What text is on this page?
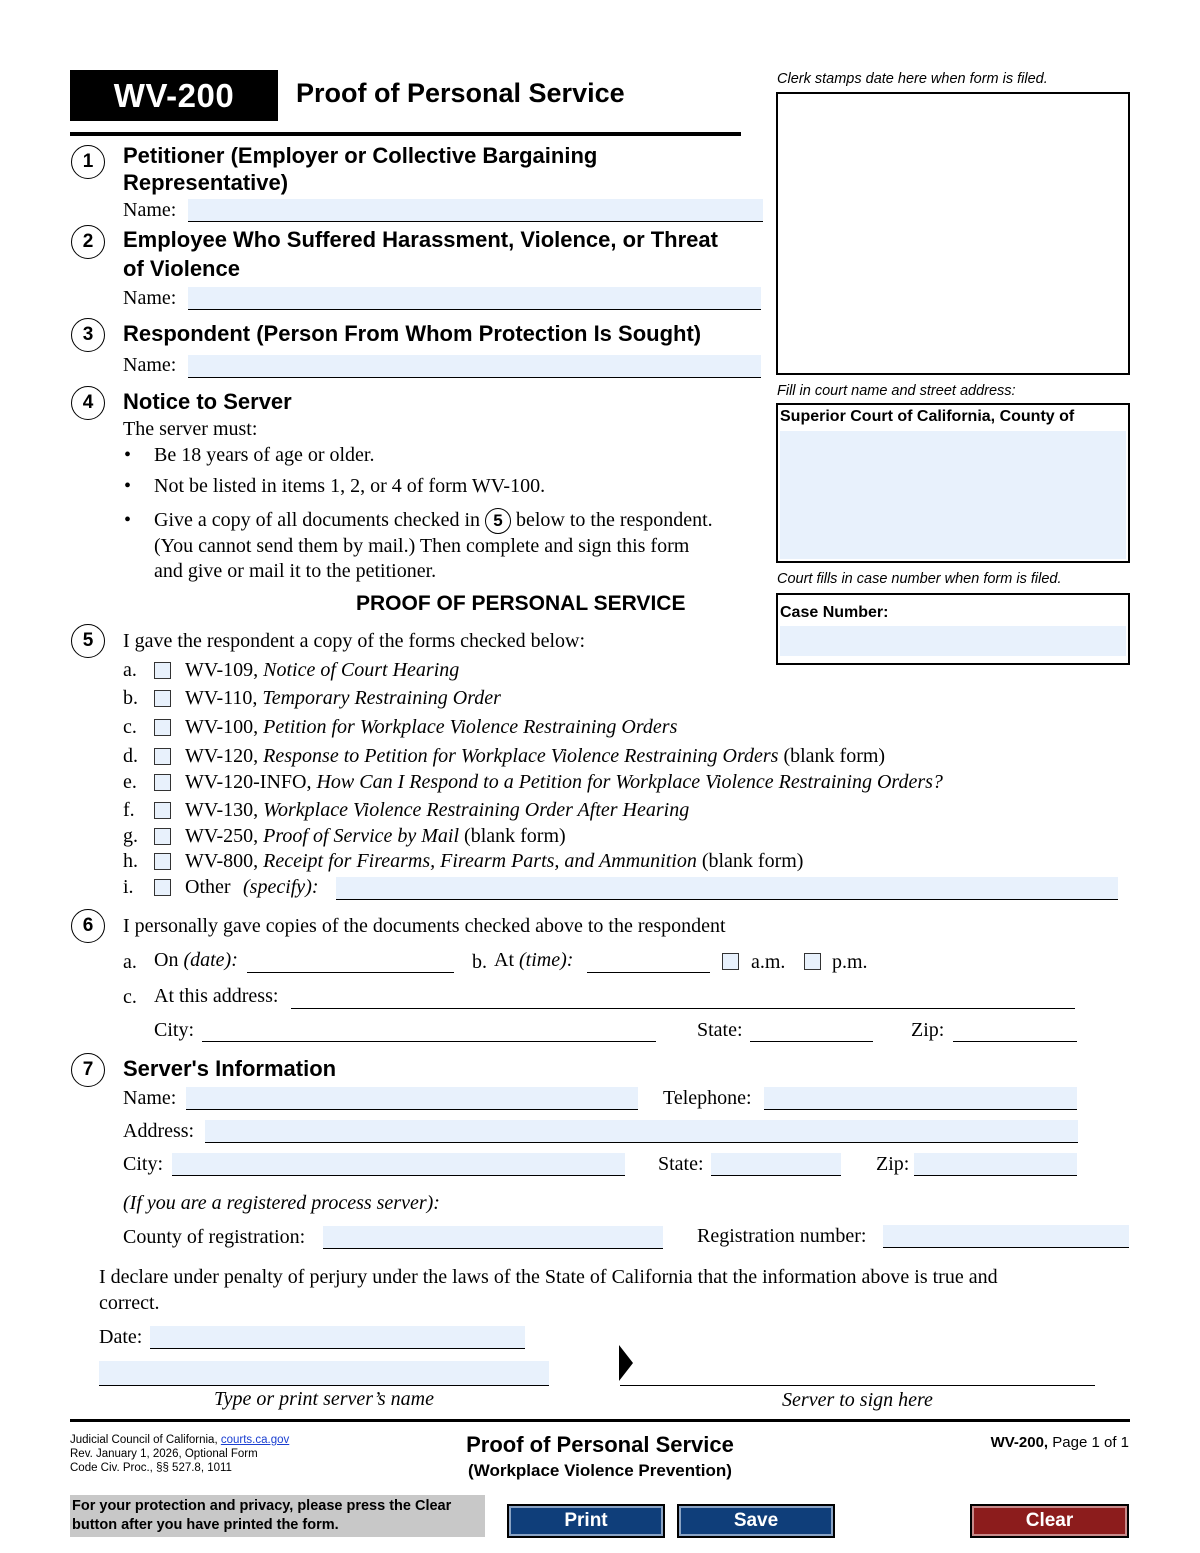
WV-200	Proof of Personal Service	Clerk stamps date here when form is filed.
Fill in court name and street address:
Superior Court of California, County of
Court fills in case number when form is filed.
Case Number:
1	Petitioner (Employer or Collective Bargaining
Representative)
Name:
2	Employee Who Suffered Harassment, Violence, or Threat
of Violence
Name:
3	Respondent (Person From Whom Protection Is Sought)
Name:
4	Notice to Server
The server must:
• Be 18 years of age or older.
• Not be listed in items 1, 2, or 4 of form WV-100.
• Give a copy of all documents checked in 5 below to the respondent.
(You cannot send them by mail.) Then complete and sign this form
and give or mail it to the petitioner.
PROOF OF PERSONAL SERVICE
5	I gave the respondent a copy of the forms checked below:
a. WV-109, Notice of Court Hearing
b. WV-110, Temporary Restraining Order
c. WV-100, Petition for Workplace Violence Restraining Orders
d. WV-120, Response to Petition for Workplace Violence Restraining Orders (blank form)
e. WV-120-INFO, How Can I Respond to a Petition for Workplace Violence Restraining Orders?
f.	WV-130, Workplace Violence Restraining Order After Hearing
g. WV-250, Proof of Service by Mail (blank form)
h. WV-800, Receipt for Firearms, Firearm Parts, and Ammunition (blank form)
i.	Other (specify):
6	I personally gave copies of the documents checked above to the respondent
a. On (date):	b. At (time):	a.m. p.m.
c. At this address:
City:	State:	Zip:
7	Server's Information
Name:	Telephone:
Address:
City:	State:	Zip:
(If you are a registered process server):
County of registration:	Registration number:
I declare under penalty of perjury under the laws of the State of California that the information above is true and
correct.
Date:
Type or print server’s name	Server to sign here
Judicial Council of California, courts.ca.gov
Rev. January 1, 2026, Optional Form
Code Civ. Proc., §§ 527.8, 1011
Proof of Personal Service
(Workplace Violence Prevention)
WV-200, Page 1 of 1
For your protection and privacy, please press the Clear
button after you have printed the form.	Print	Save	Clear
